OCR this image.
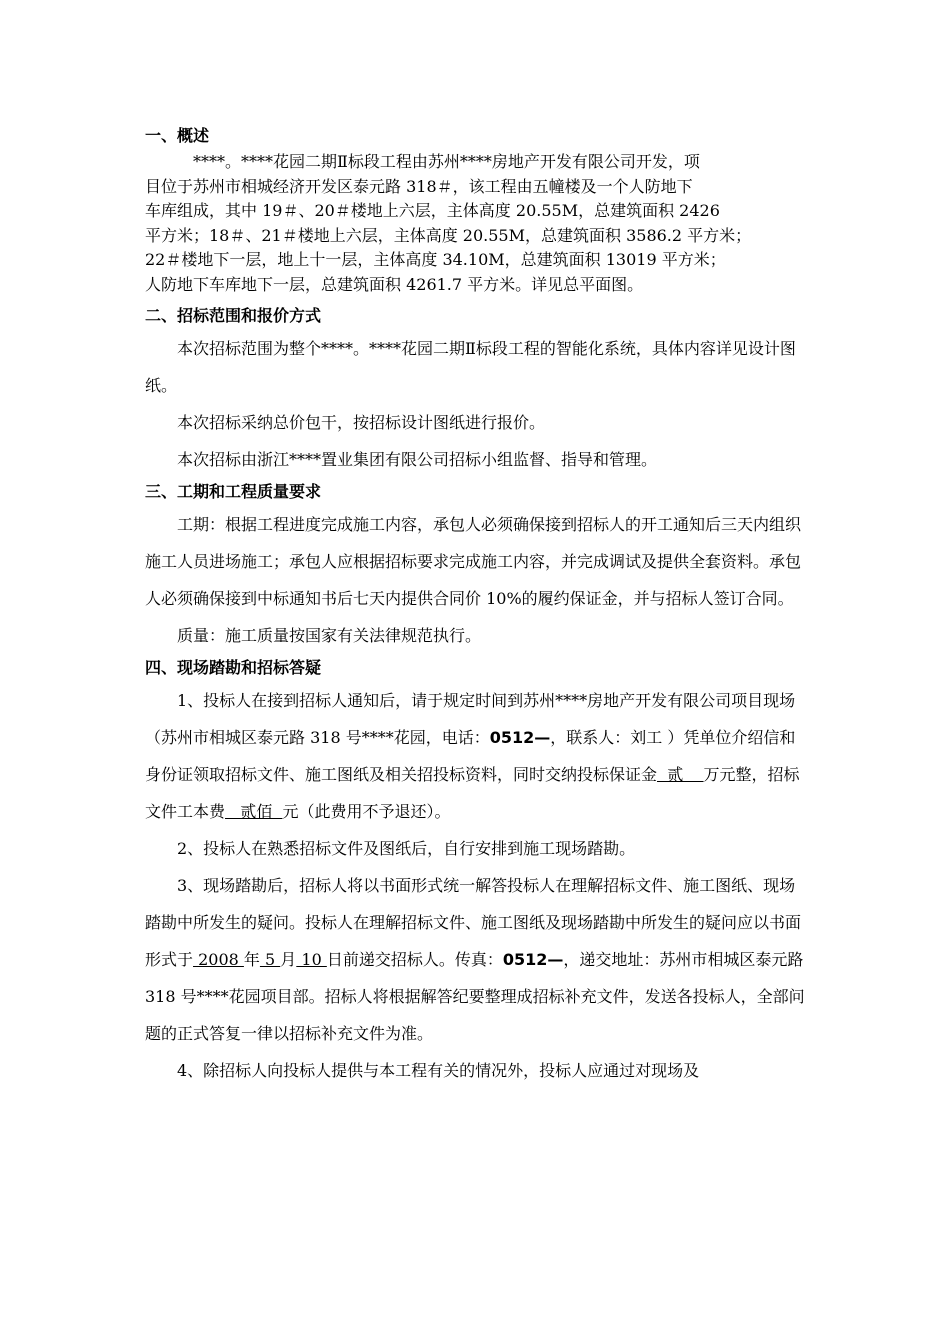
一、概述
****。****花园二期Ⅱ标段工程由苏州****房地产开发有限公司开发，项
目位于苏州市相城经济开发区泰元路 318＃，该工程由五幢楼及一个人防地下
车库组成，其中 19＃、20＃楼地上六层，主体高度 20.55M，总建筑面积 2426
平方米；18＃、21＃楼地上六层，主体高度 20.55M，总建筑面积 3586.2 平方米；
22＃楼地下一层，地上十一层，主体高度 34.10M，总建筑面积 13019 平方米；
人防地下车库地下一层，总建筑面积 4261.7 平方米。详见总平面图。
二、招标范围和报价方式

本次招标范围为整个****。****花园二期Ⅱ标段工程的智能化系统，具体内容详见设计图纸。

本次招标采纳总价包干，按招标设计图纸进行报价。

本次招标由浙江****置业集团有限公司招标小组监督、指导和管理。

三、工期和工程质量要求

工期：根据工程进度完成施工内容，承包人必须确保接到招标人的开工通知后三天内组织施工人员进场施工；承包人应根据招标要求完成施工内容，并完成调试及提供全套资料。承包人必须确保接到中标通知书后七天内提供合同价 10%的履约保证金，并与招标人签订合同。

质量：施工质量按国家有关法律规范执行。

四、现场踏勘和招标答疑

1、投标人在接到招标人通知后，请于规定时间到苏州****房地产开发有限公司项目现场（苏州市相城区泰元路 318 号****花园，电话：0512—，联系人：刘工 ）凭单位介绍信和身份证领取招标文件、施工图纸及相关招投标资料，同时交纳投标保证金  贰    万元整，招标文件工本费   贰佰  元（此费用不予退还）。

2、投标人在熟悉招标文件及图纸后，自行安排到施工现场踏勘。

3、现场踏勘后，招标人将以书面形式统一解答投标人在理解招标文件、施工图纸、现场踏勘中所发生的疑问。投标人在理解招标文件、施工图纸及现场踏勘中所发生的疑问应以书面形式于 2008 年 5 月 10 日前递交招标人。传真：0512—，递交地址：苏州市相城区泰元路 318 号****花园项目部。招标人将根据解答纪要整理成招标补充文件，发送各投标人，全部问题的正式答复一律以招标补充文件为准。

4、除招标人向投标人提供与本工程有关的情况外，投标人应通过对现场及
